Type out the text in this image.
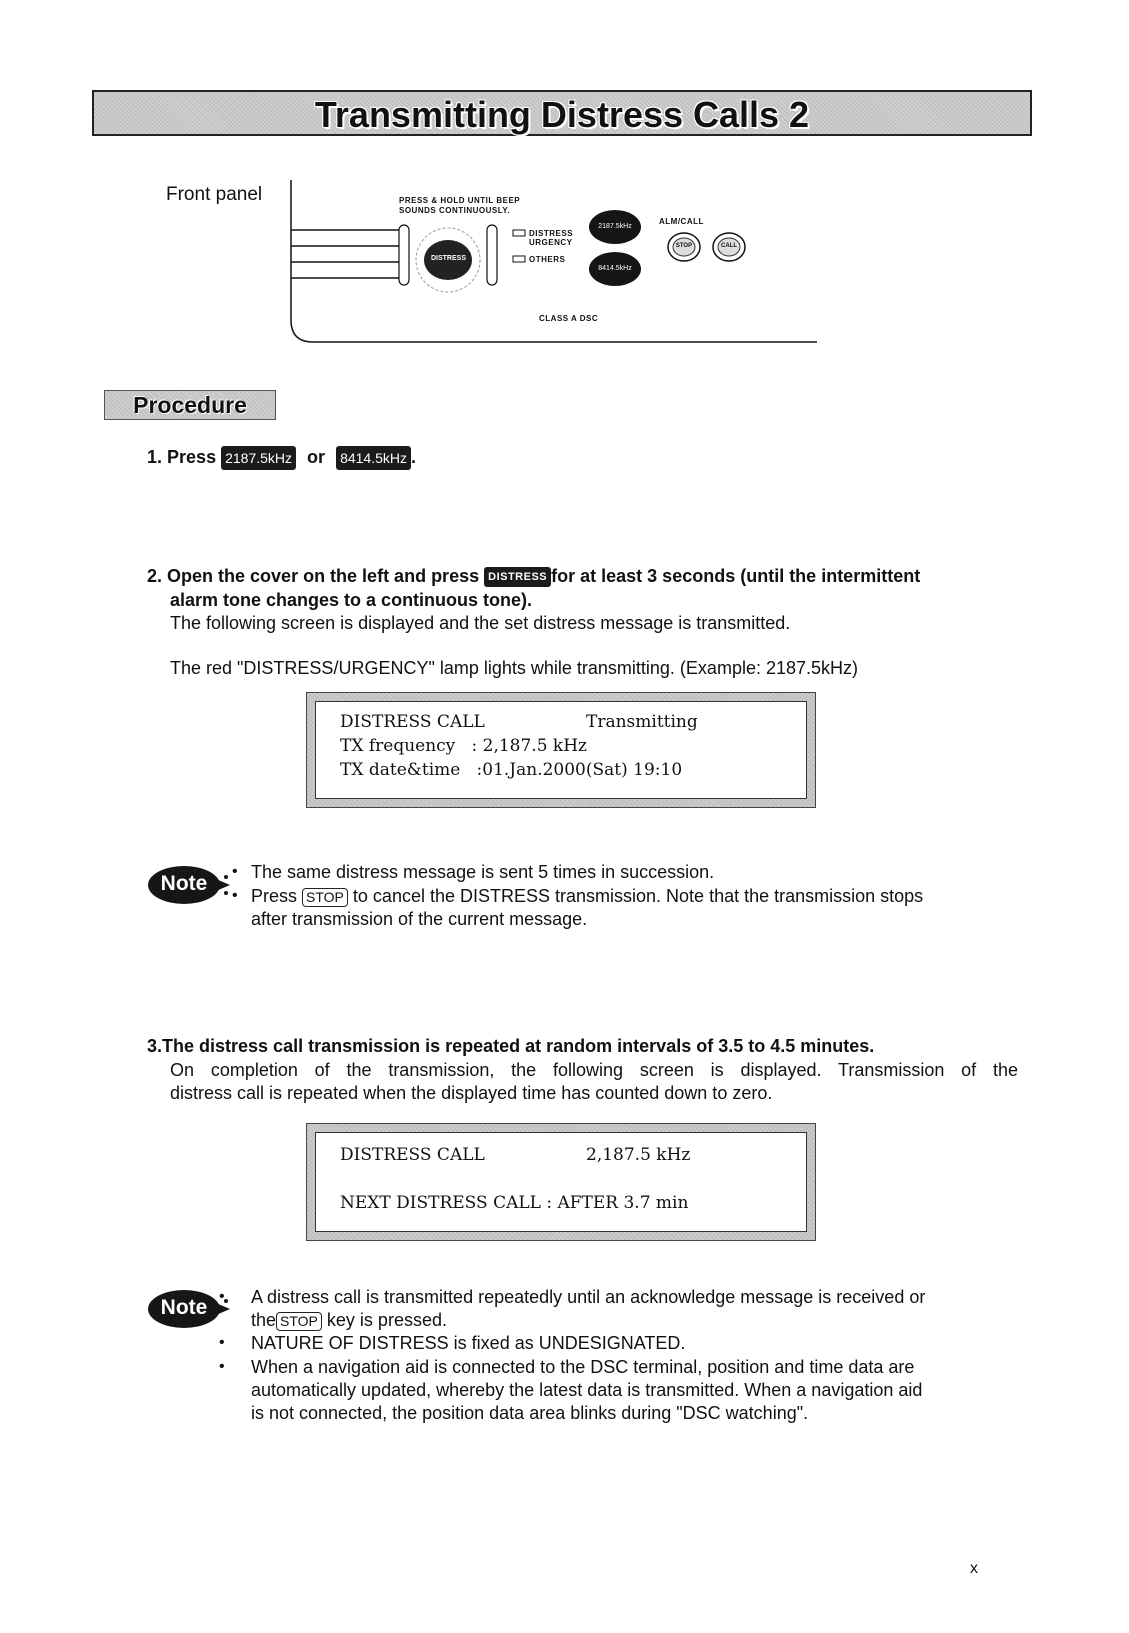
Transmitting Distress Calls 2
Front panel	PRESS & HOLD UNTIL BEEP
SOUNDS CONTINUOUSLY.
DISTRESS
DISTRESS
URGENCY
OTHERS
2187.5kHz
8414.5kHz
ALM/CALL
STOP	CALL
CLASS A DSC
Procedure
1. Press 2187.5kHz or 8414.5kHz .
2. Open the cover on the left and press DISTRESS for at least 3 seconds (until the intermittent
alarm tone changes to a continuous tone).
The following screen is displayed and the set distress message is transmitted.
The red "DISTRESS/URGENCY" lamp lights while transmitting. (Example: 2187.5kHz)
DISTRESS CALL	Transmitting
TX frequency   : 2,187.5 kHz
TX date&time   :01.Jan.2000(Sat) 19:10
Note
• The same distress message is sent 5 times in succession.
• Press STOP to cancel the DISTRESS transmission. Note that the transmission stops
after transmission of the current message.
3.The distress call transmission is repeated at random intervals of 3.5 to 4.5 minutes.
On completion of the transmission, the following screen is displayed. Transmission of the
distress call is repeated when the displayed time has counted down to zero.
DISTRESS CALL	2,187.5 kHz
NEXT DISTRESS CALL : AFTER 3.7 min
Note • A distress call is transmitted repeatedly until an acknowledge message is received or
the STOP key is pressed.
• NATURE OF DISTRESS is fixed as UNDESIGNATED.
• When a navigation aid is connected to the DSC terminal, position and time data are
automatically updated, whereby the latest data is transmitted. When a navigation aid
is not connected, the position data area blinks during "DSC watching".
x
